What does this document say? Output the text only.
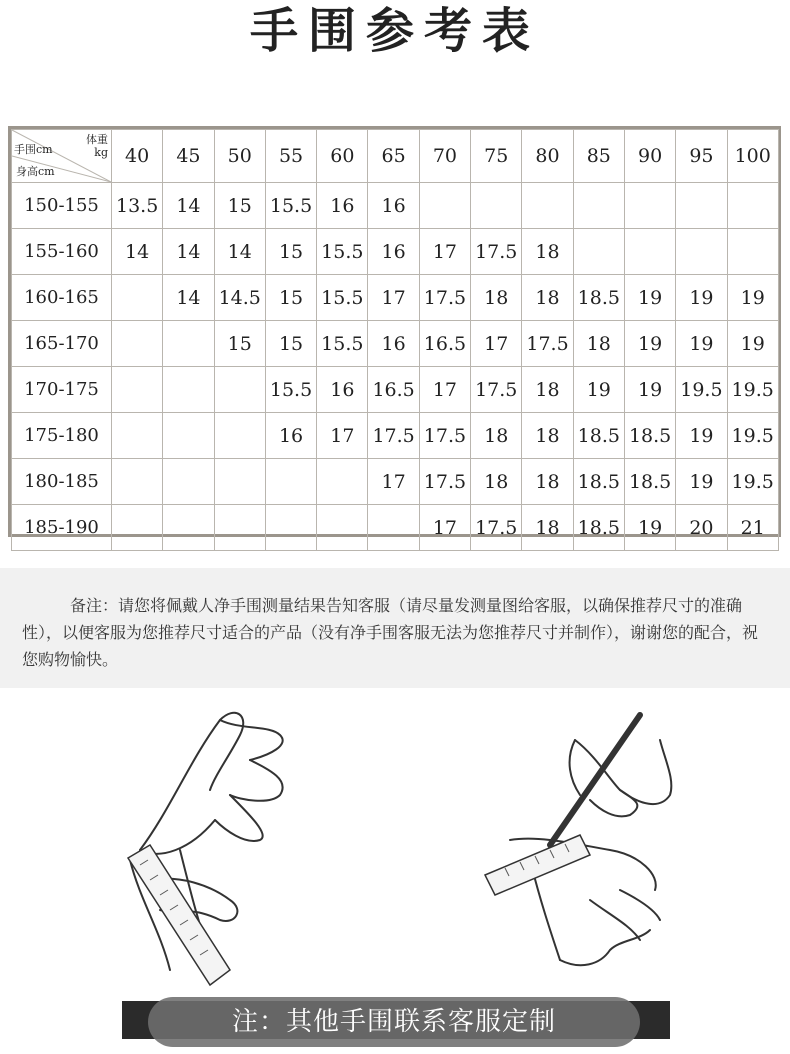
手围参考表
手围cm
身高cm
体重
kg	40	45	50	55	60	65	70	75	80	85	90	95	100
150-155	13.5	14	15	15.5	16	16							
155-160	14	14	14	15	15.5	16	17	17.5	18				
160-165		14	14.5	15	15.5	17	17.5	18	18	18.5	19	19	19
165-170			15	15	15.5	16	16.5	17	17.5	18	19	19	19
170-175				15.5	16	16.5	17	17.5	18	19	19	19.5	19.5
175-180				16	17	17.5	17.5	18	18	18.5	18.5	19	19.5
180-185						17	17.5	18	18	18.5	18.5	19	19.5
185-190							17	17.5	18	18.5	19	20	21

备注：请您将佩戴人净手围测量结果告知客服（请尽量发测量图给客服，以确保推荐尺寸的准确性），以便客服为您推荐尺寸适合的产品（没有净手围客服无法为您推荐尺寸并制作），谢谢您的配合，祝您购物愉快。

注：其他手围联系客服定制
